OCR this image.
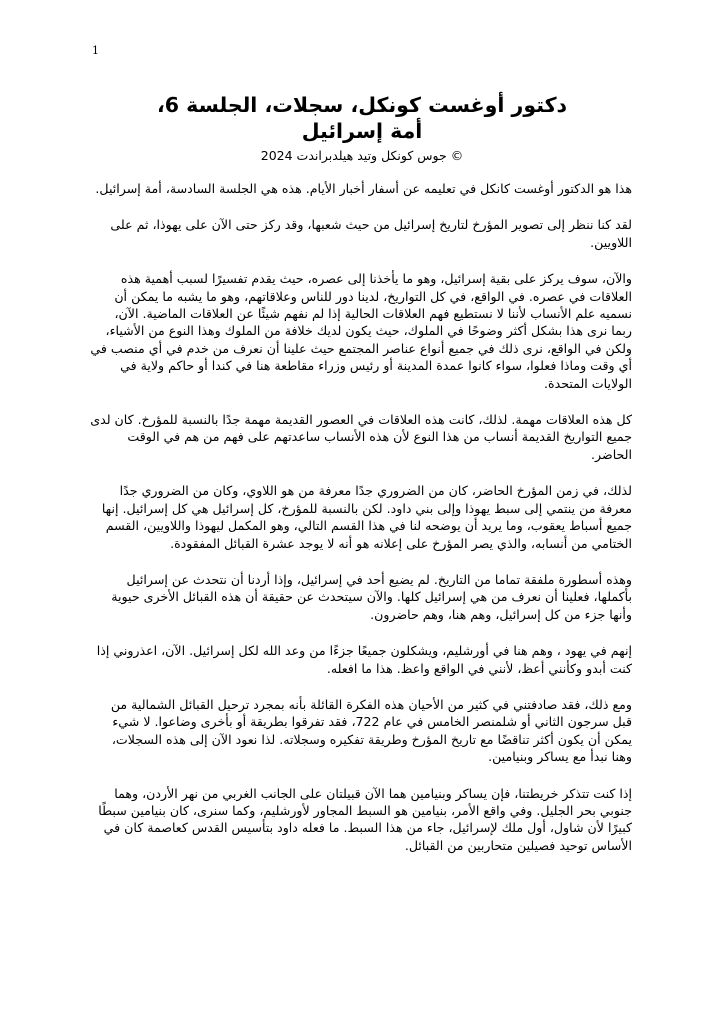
1
دكتور أوغست كونكل، سجلات، الجلسة 6،
أمة إسرائيل
جوس كونكل وتيد هيلدبراندت 2024 ©

هذا هو الدكتور أوغست كانكل في تعليمه عن أسفار أخبار الأيام. هذه هي الجلسة السادسة، أمة إسرائيل.

لقد كنا ننظر إلى تصوير المؤرخ لتاريخ إسرائيل من حيث شعبها، وقد ركز حتى الآن على يهوذا، ثم على اللاويين.

والآن، سوف يركز على بقية إسرائيل، وهو ما يأخذنا إلى عصره، حيث يقدم تفسيرًا لسبب أهمية هذه العلاقات في عصره. في الواقع، في كل التواريخ، لدينا دور للناس وعلاقاتهم، وهو ما يشبه ما يمكن أن نسميه علم الأنساب لأننا لا نستطيع فهم العلاقات الحالية إذا لم نفهم شيئًا عن العلاقات الماضية. الآن، ربما نرى هذا بشكل أكثر وضوحًا في الملوك، حيث يكون لديك خلافة من الملوك وهذا النوع من الأشياء، ولكن في الواقع، نرى ذلك في جميع أنواع عناصر المجتمع حيث علينا أن نعرف من خدم في أي منصب في أي وقت وماذا فعلوا، سواء كانوا عمدة المدينة أو رئيس وزراء مقاطعة هنا في كندا أو حاكم ولاية في الولايات المتحدة.

كل هذه العلاقات مهمة. لذلك، كانت هذه العلاقات في العصور القديمة مهمة جدًا بالنسبة للمؤرخ. كان لدى جميع التواريخ القديمة أنساب من هذا النوع لأن هذه الأنساب ساعدتهم على فهم من هم في الوقت الحاضر.

لذلك، في زمن المؤرخ الحاضر، كان من الضروري جدًا معرفة من هو اللاوي، وكان من الضروري جدًا معرفة من ينتمي إلى سبط يهوذا وإلى بني داود. لكن بالنسبة للمؤرخ، كل إسرائيل هي كل إسرائيل. إنها جميع أسباط يعقوب، وما يريد أن يوضحه لنا في هذا القسم التالي، وهو المكمل ليهوذا واللاويين، القسم الختامي من أنسابه، والذي يصر المؤرخ على إعلانه هو أنه لا يوجد عشرة القبائل المفقودة.

وهذه أسطورة ملفقة تماما من التاريخ. لم يضيع أحد في إسرائيل، وإذا أردنا أن نتحدث عن إسرائيل بأكملها، فعلينا أن نعرف من هي إسرائيل كلها. والآن سيتحدث عن حقيقة أن هذه القبائل الأخرى حيوية وأنها جزء من كل إسرائيل، وهم هنا، وهم حاضرون.

إنهم في يهود ، وهم هنا في أورشليم، ويشكلون جميعًا جزءًا من وعد الله لكل إسرائيل. الآن، اعذروني إذا كنت أبدو وكأنني أعظ، لأنني في الواقع واعظ. هذا ما افعله.

ومع ذلك، فقد صادفتني في كثير من الأحيان هذه الفكرة القائلة بأنه بمجرد ترحيل القبائل الشمالية من قبل سرجون الثاني أو شلمنصر الخامس في عام 722، فقد تفرقوا بطريقة أو بأخرى وضاعوا. لا شيء يمكن أن يكون أكثر تناقضًا مع تاريخ المؤرخ وطريقة تفكيره وسجلاته. لذا نعود الآن إلى هذه السجلات، وهنا نبدأ مع يساكر وبنيامين.

إذا كنت تتذكر خريطتنا، فإن يساكر وبنيامين هما الآن قبيلتان على الجانب الغربي من نهر الأردن، وهما جنوبي بحر الجليل. وفي واقع الأمر، بنيامين هو السبط المجاور لأورشليم، وكما سنرى، كان بنيامين سبطًا كبيرًا لأن شاول، أول ملك لإسرائيل، جاء من هذا السبط. ما فعله داود بتأسيس القدس كعاصمة كان في الأساس توحيد فصيلين متحاربين من القبائل.
